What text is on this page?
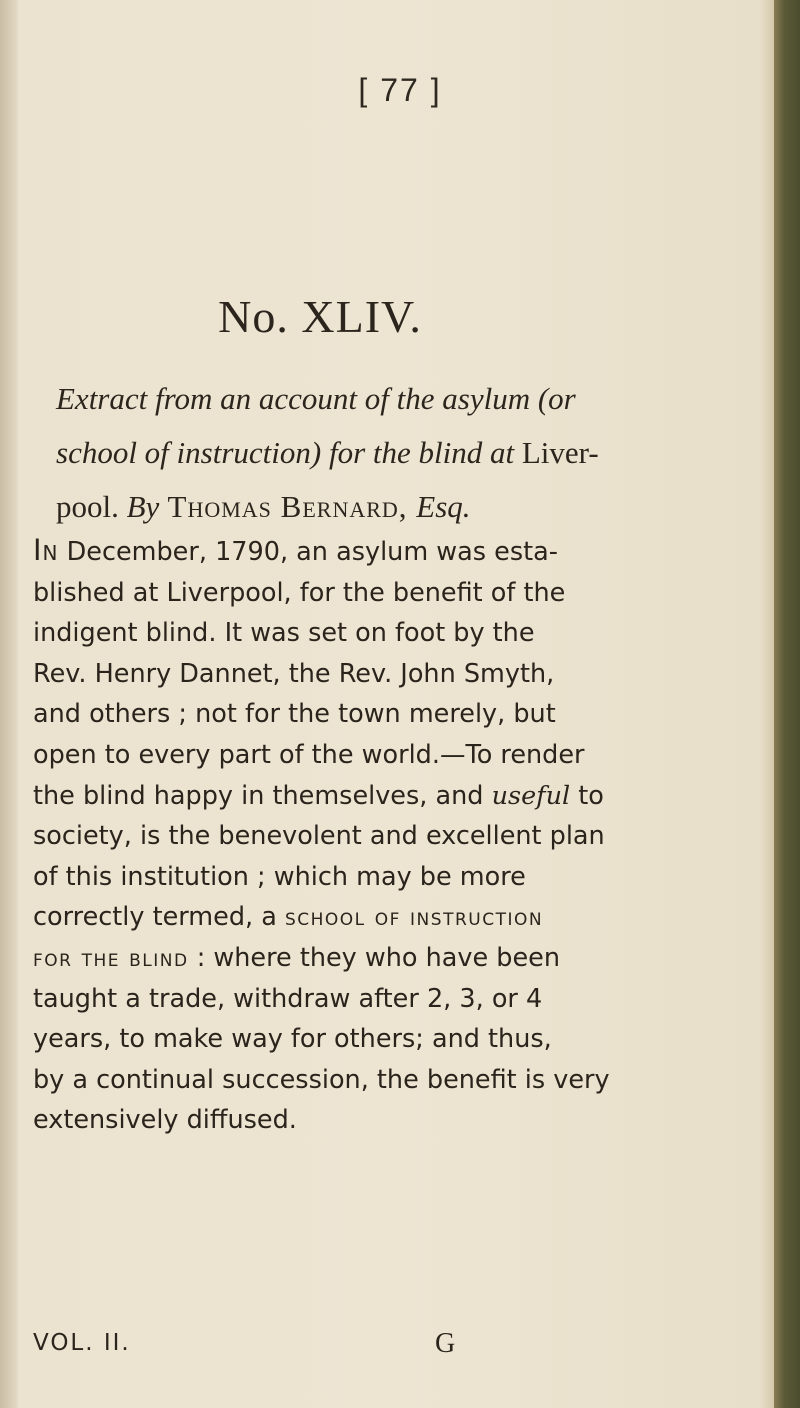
[ 77 ]
No. XLIV.
Extract from an account of the asylum (or
school of instruction) for the blind at Liver-
pool. By Thomas Bernard, Esq.
In December, 1790, an asylum was esta-
blished at Liverpool, for the benefit of the
indigent blind. It was set on foot by the
Rev. Henry Dannet, the Rev. John Smyth,
and others ; not for the town merely, but
open to every part of the world.—To render
the blind happy in themselves, and useful to
society, is the benevolent and excellent plan
of this institution ; which may be more
correctly termed, a school of instruction
for the blind : where they who have been
taught a trade, withdraw after 2, 3, or 4
years, to make way for others; and thus,
by a continual succession, the benefit is very
extensively diffused.
VOL. II.	G
